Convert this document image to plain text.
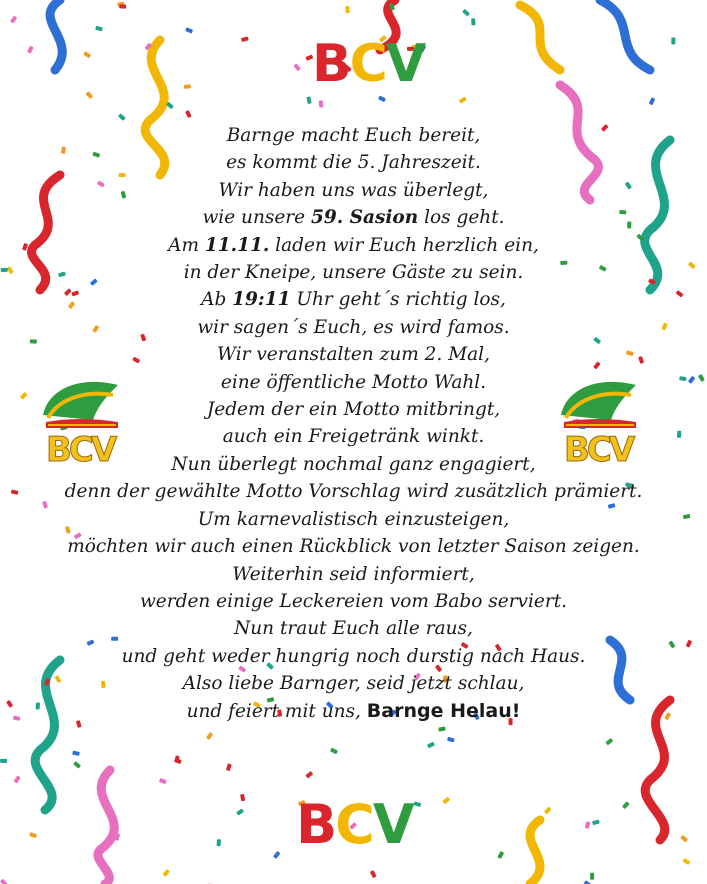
BCV
BCV	BCV
Barnge macht Euch bereit,
es kommt die 5. Jahreszeit.
Wir haben uns was überlegt,
wie unsere 59. Sasion los geht.
Am 11.11. laden wir Euch herzlich ein,
in der Kneipe, unsere Gäste zu sein.
Ab 19:11 Uhr geht´s richtig los,
wir sagen´s Euch, es wird famos.
Wir veranstalten zum 2. Mal,
eine öffentliche Motto Wahl.
Jedem der ein Motto mitbringt,
auch ein Freigetränk winkt.
Nun überlegt nochmal ganz engagiert,
denn der gewählte Motto Vorschlag wird zusätzlich prämiert.
Um karnevalistisch einzusteigen,
möchten wir auch einen Rückblick von letzter Saison zeigen.
Weiterhin seid informiert,
werden einige Leckereien vom Babo serviert.
Nun traut Euch alle raus,
und geht weder hungrig noch durstig nach Haus.
Also liebe Barnger, seid jetzt schlau,
und feiert mit uns, Barnge Helau!
BCV
